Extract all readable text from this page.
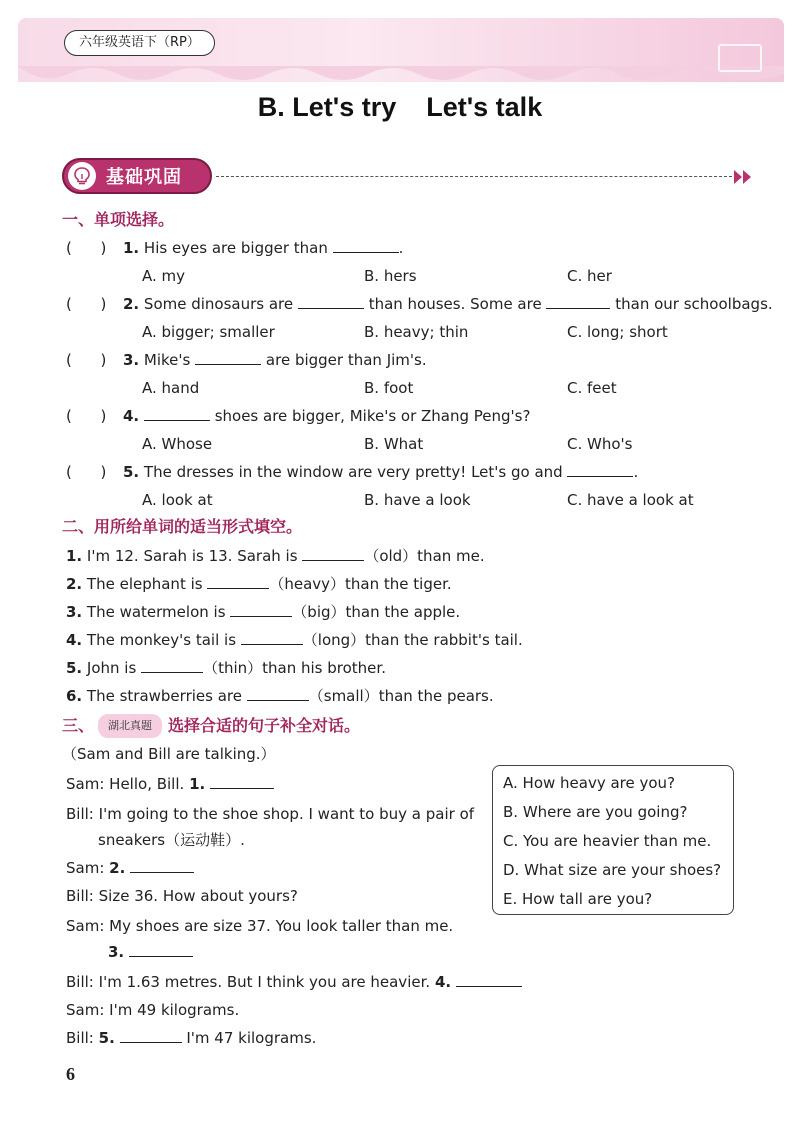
六年级英语下（RP）
B. Let's try    Let's talk
基础巩固
一、单项选择。
(      ) 1. His eyes are bigger than	.
A. my	B. hers	C. her
(      ) 2. Some dinosaurs are	than houses. Some are	than our schoolbags.
A. bigger; smaller	B. heavy; thin	C. long; short
(      ) 3. Mike's	are bigger than Jim's.
A. hand	B. foot	C. feet
(      ) 4.	shoes are bigger, Mike's or Zhang Peng's?
A. Whose	B. What	C. Who's
(      ) 5. The dresses in the window are very pretty! Let's go and	.
A. look at	B. have a look	C. have a look at
二、用所给单词的适当形式填空。
1. I'm 12. Sarah is 13. Sarah is	（old）than me.
2. The elephant is	（heavy）than the tiger.
3. The watermelon is	（big）than the apple.
4. The monkey's tail is	（long）than the rabbit's tail.
5. John is	（thin）than his brother.
6. The strawberries are	（small）than the pears.
三、 湖北真题 选择合适的句子补全对话。
（Sam and Bill are talking.）
Sam: Hello, Bill. 1.
Bill: I'm going to the shoe shop. I want to buy a pair of
sneakers（运动鞋）.
Sam: 2.
Bill: Size 36. How about yours?
Sam: My shoes are size 37. You look taller than me.
3.
Bill: I'm 1.63 metres. But I think you are heavier. 4.
Sam: I'm 49 kilograms.
Bill: 5.	I'm 47 kilograms.
A. How heavy are you?
B. Where are you going?
C. You are heavier than me.
D. What size are your shoes?
E. How tall are you?
6
